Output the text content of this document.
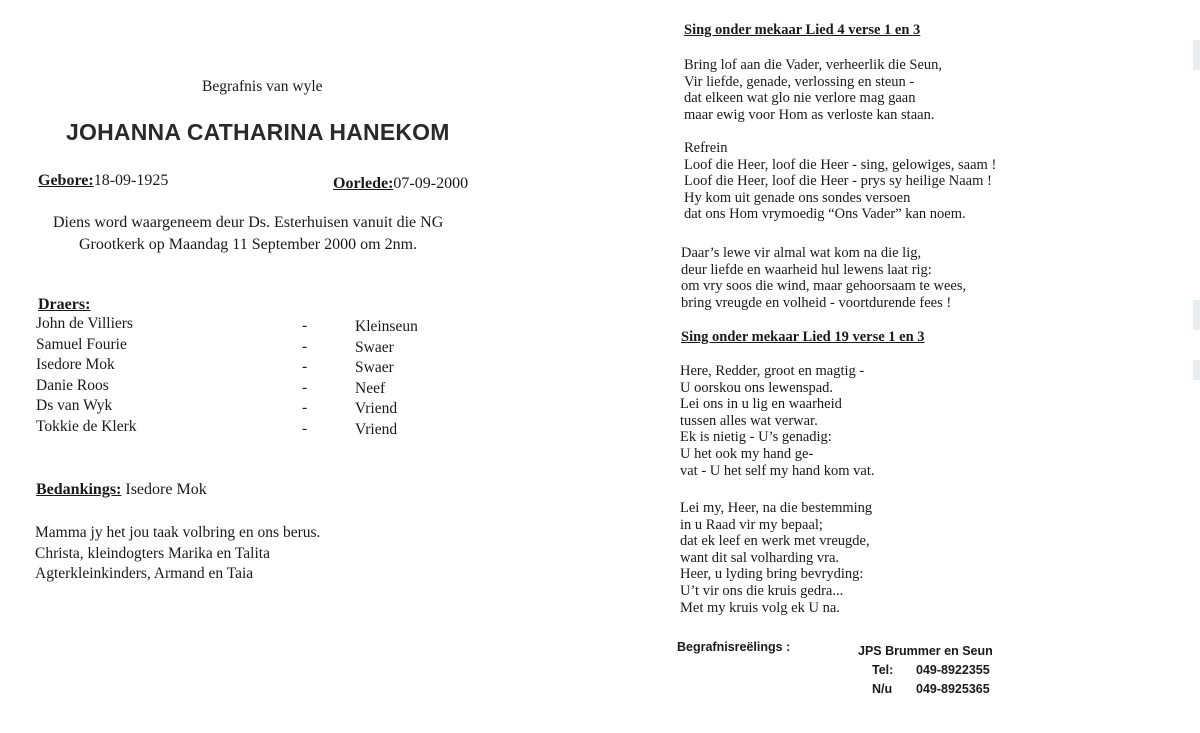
Begrafnis van wyle
JOHANNA CATHARINA HANEKOM
Gebore:18-09-1925	Oorlede:07-09-2000
Diens word waargeneem deur Ds. Esterhuisen vanuit die NG
Grootkerk op Maandag 11 September 2000 om 2nm.
Draers:
John de Villiers	-	Kleinseun
Samuel Fourie	-	Swaer
Isedore Mok	-	Swaer
Danie Roos	-	Neef
Ds van Wyk	-	Vriend
Tokkie de Klerk	-	Vriend
Bedankings: Isedore Mok
Mamma jy het jou taak volbring en ons berus.
Christa, kleindogters Marika en Talita
Agterkleinkinders, Armand en Taia
Sing onder mekaar Lied 4 verse 1 en 3
Bring lof aan die Vader, verheerlik die Seun,
Vir liefde, genade, verlossing en steun -
dat elkeen wat glo nie verlore mag gaan
maar ewig voor Hom as verloste kan staan.
Refrein
Loof die Heer, loof die Heer - sing, gelowiges, saam !
Loof die Heer, loof die Heer - prys sy heilige Naam !
Hy kom uit genade ons sondes versoen
dat ons Hom vrymoedig “Ons Vader” kan noem.
Daar’s lewe vir almal wat kom na die lig,
deur liefde en waarheid hul lewens laat rig:
om vry soos die wind, maar gehoorsaam te wees,
bring vreugde en volheid - voortdurende fees !
Sing onder mekaar Lied 19 verse 1 en 3
Here, Redder, groot en magtig -
U oorskou ons lewenspad.
Lei ons in u lig en waarheid
tussen alles wat verwar.
Ek is nietig - U’s genadig:
U het ook my hand ge-
vat - U het self my hand kom vat.
Lei my, Heer, na die bestemming
in u Raad vir my bepaal;
dat ek leef en werk met vreugde,
want dit sal volharding vra.
Heer, u lyding bring bevryding:
U’t vir ons die kruis gedra...
Met my kruis volg ek U na.
Begrafnisreëlings :	JPS Brummer en Seun
Tel: 049-8922355
N/u 049-8925365
